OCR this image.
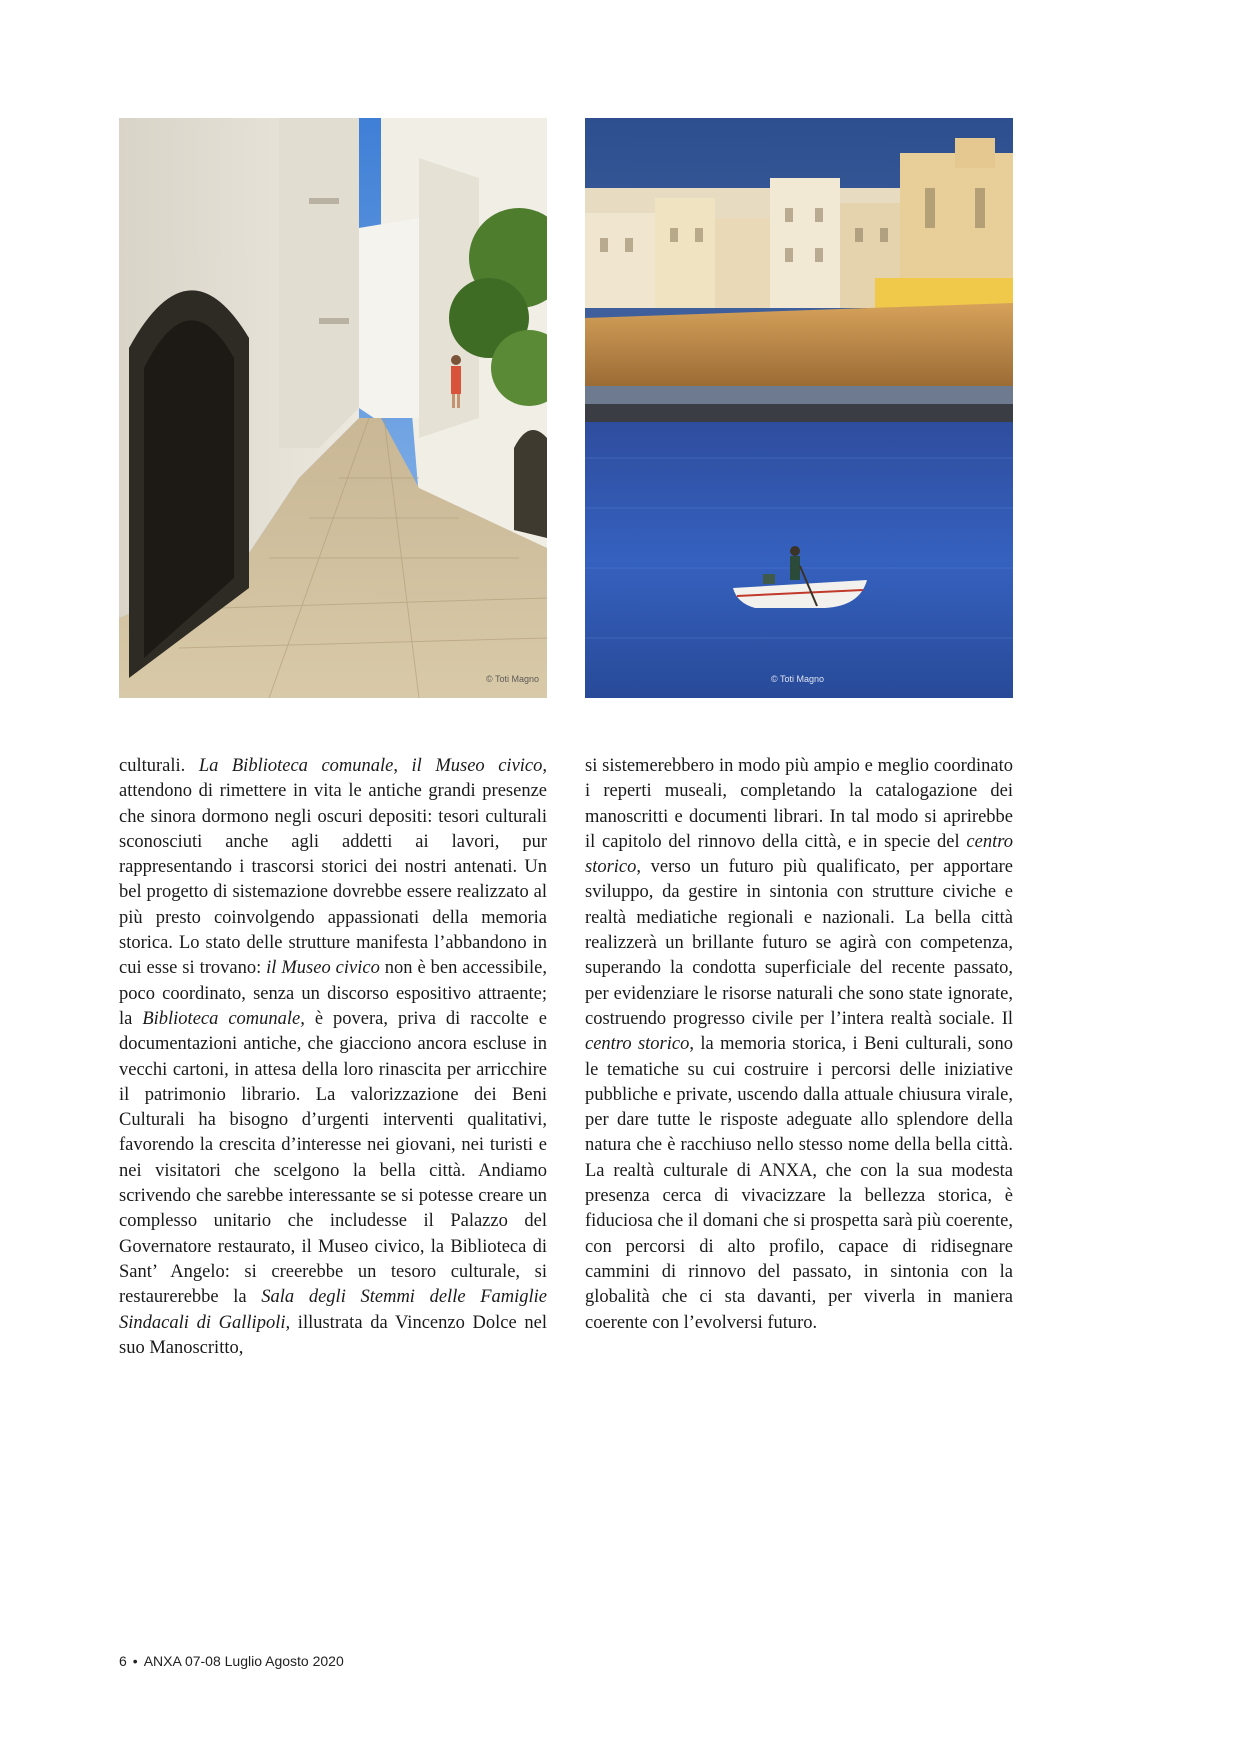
© Toti Magno	© Toti Magno

culturali. La Biblioteca comunale, il Museo civico, attendono di rimettere in vita le antiche grandi presenze che sinora dormono negli oscuri depositi: tesori culturali sconosciuti anche agli addetti ai lavori, pur rappresentando i trascorsi storici dei nostri antenati. Un bel progetto di sistemazione dovrebbe essere realizzato al più presto coinvolgendo appassionati della memoria storica. Lo stato delle strutture manifesta l’abbandono in cui esse si trovano: il Museo civico non è ben accessibile, poco coordinato, senza un discorso espositivo attraente; la Biblioteca comunale, è povera, priva di raccolte e documentazioni antiche, che giacciono ancora escluse in vecchi cartoni, in attesa della loro rinascita per arricchire il patrimonio librario. La valorizzazione dei Beni Culturali ha bisogno d’urgenti interventi qualitativi, favorendo la crescita d’interesse nei giovani, nei turisti e nei visitatori che scelgono la bella città. Andiamo scrivendo che sarebbe interessante se si potesse creare un complesso unitario che includesse il Palazzo del Governatore restaurato, il Museo civico, la Biblioteca di Sant’ Angelo: si creerebbe un tesoro culturale, si restaurerebbe la Sala degli Stemmi delle Famiglie Sindacali di Gallipoli, illustrata da Vincenzo Dolce nel suo Manoscritto,

si sistemerebbero in modo più ampio e meglio coordinato i reperti museali, completando la catalogazione dei manoscritti e documenti librari. In tal modo si aprirebbe il capitolo del rinnovo della città, e in specie del centro storico, verso un futuro più qualificato, per apportare sviluppo, da gestire in sintonia con strutture civiche e realtà mediatiche regionali e nazionali. La bella città realizzerà un brillante futuro se agirà con competenza, superando la condotta superficiale del recente passato, per evidenziare le risorse naturali che sono state ignorate, costruendo progresso civile per l’intera realtà sociale. Il centro storico, la memoria storica, i Beni culturali, sono le tematiche su cui costruire i percorsi delle iniziative pubbliche e private, uscendo dalla attuale chiusura virale, per dare tutte le risposte adeguate allo splendore della natura che è racchiuso nello stesso nome della bella città. La realtà culturale di ANXA, che con la sua modesta presenza cerca di vivacizzare la bellezza storica, è fiduciosa che il domani che si prospetta sarà più coerente, con percorsi di alto profilo, capace di ridisegnare cammini di rinnovo del passato, in sintonia con la globalità che ci sta davanti, per viverla in maniera coerente con l’evolversi futuro.

6 • ANXA 07-08 Luglio Agosto 2020
